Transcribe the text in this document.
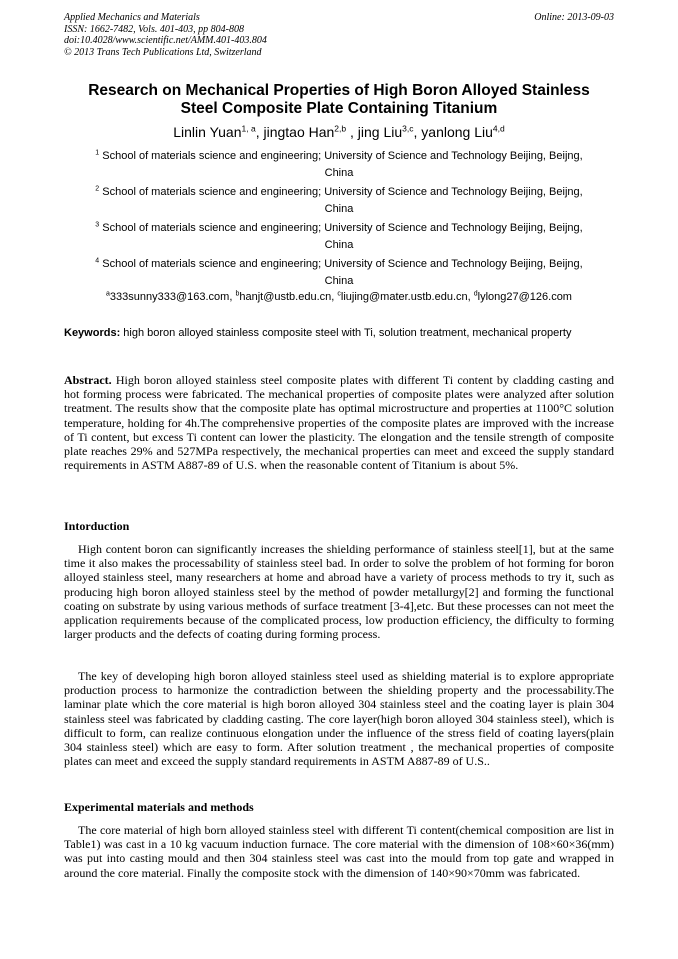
Applied Mechanics and Materials
ISSN: 1662-7482, Vols. 401-403, pp 804-808
doi:10.4028/www.scientific.net/AMM.401-403.804
© 2013 Trans Tech Publications Ltd, Switzerland
Online: 2013-09-03
Research on Mechanical Properties of High Boron Alloyed Stainless
Steel Composite Plate Containing Titanium
Linlin Yuan$^{1, a}$, jingtao Han$^{2,b}$ , jing Liu$^{3,c}$, yanlong Liu$^{4,d}$
$^1$ School of materials science and engineering; University of Science and Technology Beijing, Beijng,
China
$^2$ School of materials science and engineering; University of Science and Technology Beijing, Beijng,
China
$^3$ School of materials science and engineering; University of Science and Technology Beijing, Beijng,
China
$^4$ School of materials science and engineering; University of Science and Technology Beijing, Beijng,
China
$^a$333sunny333@163.com, $^b$hanjt@ustb.edu.cn, $^c$liujing@mater.ustb.edu.cn, $^d$lylong27@126.com
Keywords: high boron alloyed stainless composite steel with Ti, solution treatment, mechanical property
Abstract. High boron alloyed stainless steel composite plates with different Ti content by cladding casting and hot forming process were fabricated. The mechanical properties of composite plates were analyzed after solution treatment. The results show that the composite plate has optimal microstructure and properties at 1100°C solution temperature, holding for 4h.The comprehensive properties of the composite plates are improved with the increase of Ti content, but excess Ti content can lower the plasticity. The elongation and the tensile strength of composite plate reaches 29% and 527MPa respectively, the mechanical properties can meet and exceed the supply standard requirements in ASTM A887-89 of U.S. when the reasonable content of Titanium is about 5%.
Intorduction
High content boron can significantly increases the shielding performance of stainless steel[1], but at the same time it also makes the processability of stainless steel bad. In order to solve the problem of hot forming for boron alloyed stainless steel, many researchers at home and abroad have a variety of process methods to try it, such as producing high boron alloyed stainless steel by the method of powder metallurgy[2] and forming the functional coating on substrate by using various methods of surface treatment [3-4],etc. But these processes can not meet the application requirements because of the complicated process, low production efficiency, the difficulty to forming larger products and the defects of coating during forming process.
The key of developing high boron alloyed stainless steel used as shielding material is to explore appropriate production process to harmonize the contradiction between the shielding property and the processability.The laminar plate which the core material is high boron alloyed 304 stainless steel and the coating layer is plain 304 stainless steel was fabricated by cladding casting. The core layer(high boron alloyed 304 stainless steel), which is difficult to form, can realize continuous elongation under the influence of the stress field of coating layers(plain 304 stainless steel) which are easy to form. After solution treatment , the mechanical properties of composite plates can meet and exceed the supply standard requirements in ASTM A887-89 of U.S..
Experimental materials and methods
The core material of high born alloyed stainless steel with different Ti content(chemical composition are list in Table1) was cast in a 10 kg vacuum induction furnace. The core material with the dimension of 108×60×36(mm) was put into casting mould and then 304 stainless steel was cast into the mould from top gate and wrapped in around the core material. Finally the composite stock with the dimension of 140×90×70mm was fabricated.
